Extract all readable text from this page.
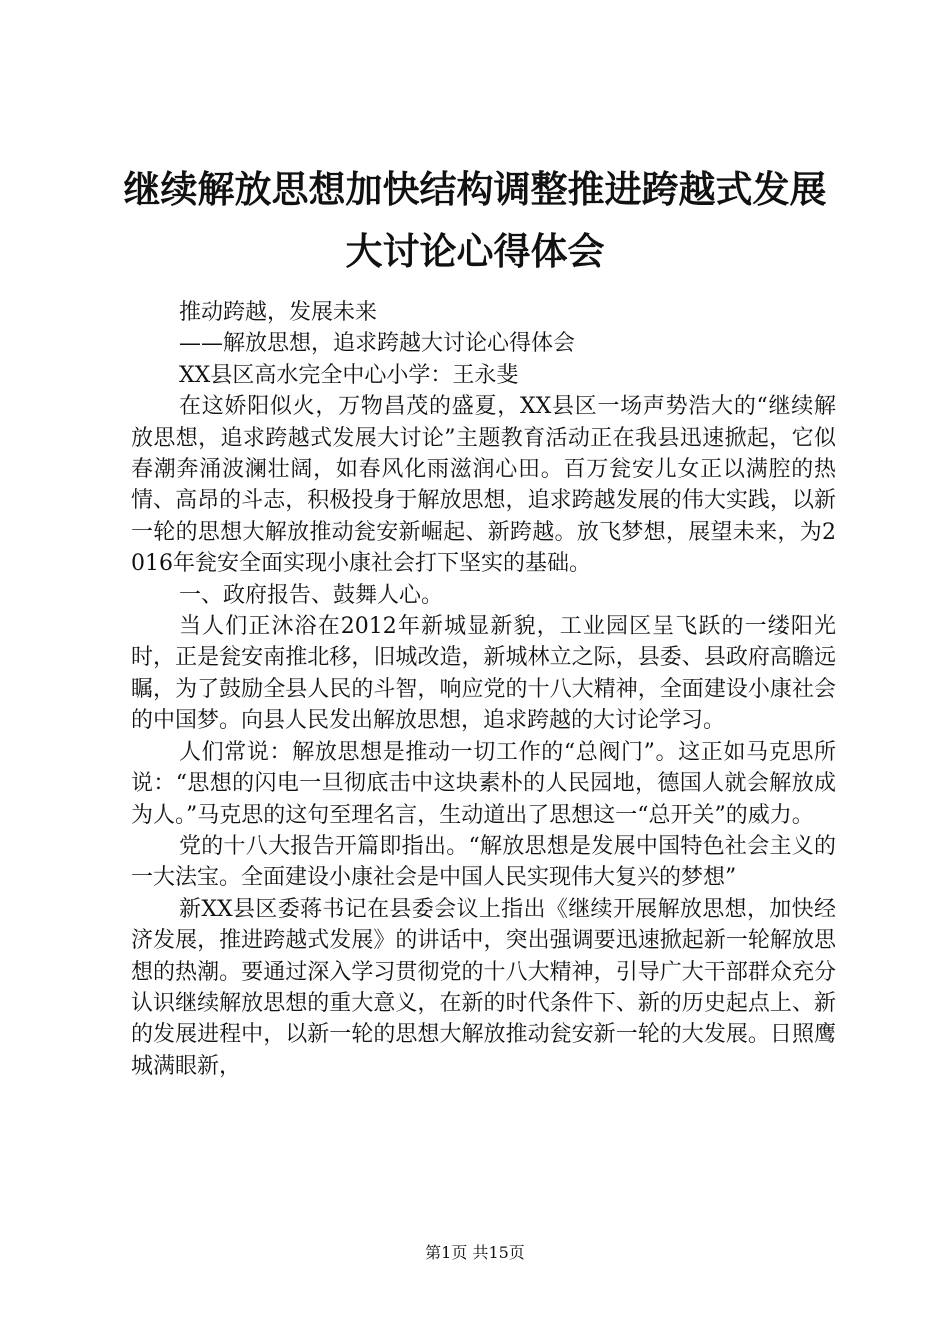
继续解放思想加快结构调整推进跨越式发展大讨论心得体会

推动跨越，发展未来

——解放思想，追求跨越大讨论心得体会

XX县区高水完全中心小学：王永斐

在这娇阳似火，万物昌茂的盛夏，XX县区一场声势浩大的“继续解放思想，追求跨越式发展大讨论”主题教育活动正在我县迅速掀起，它似春潮奔涌波澜壮阔，如春风化雨滋润心田。百万瓮安儿女正以满腔的热情、高昂的斗志，积极投身于解放思想，追求跨越发展的伟大实践，以新一轮的思想大解放推动瓮安新崛起、新跨越。放飞梦想，展望未来，为2016年瓮安全面实现小康社会打下坚实的基础。

一、政府报告、鼓舞人心。

当人们正沐浴在2012年新城显新貌，工业园区呈飞跃的一缕阳光时，正是瓮安南推北移，旧城改造，新城林立之际，县委、县政府高瞻远瞩，为了鼓励全县人民的斗智，响应党的十八大精神，全面建设小康社会的中国梦。向县人民发出解放思想，追求跨越的大讨论学习。

人们常说：解放思想是推动一切工作的“总阀门”。这正如马克思所说：“思想的闪电一旦彻底击中这块素朴的人民园地，德国人就会解放成为人。”马克思的这句至理名言，生动道出了思想这一“总开关”的威力。

党的十八大报告开篇即指出。“解放思想是发展中国特色社会主义的一大法宝。全面建设小康社会是中国人民实现伟大复兴的梦想”

新XX县区委蒋书记在县委会议上指出《继续开展解放思想，加快经济发展，推进跨越式发展》的讲话中，突出强调要迅速掀起新一轮解放思想的热潮。要通过深入学习贯彻党的十八大精神，引导广大干部群众充分认识继续解放思想的重大意义，在新的时代条件下、新的历史起点上、新的发展进程中，以新一轮的思想大解放推动瓮安新一轮的大发展。日照鹰城满眼新，

第1页 共15页
